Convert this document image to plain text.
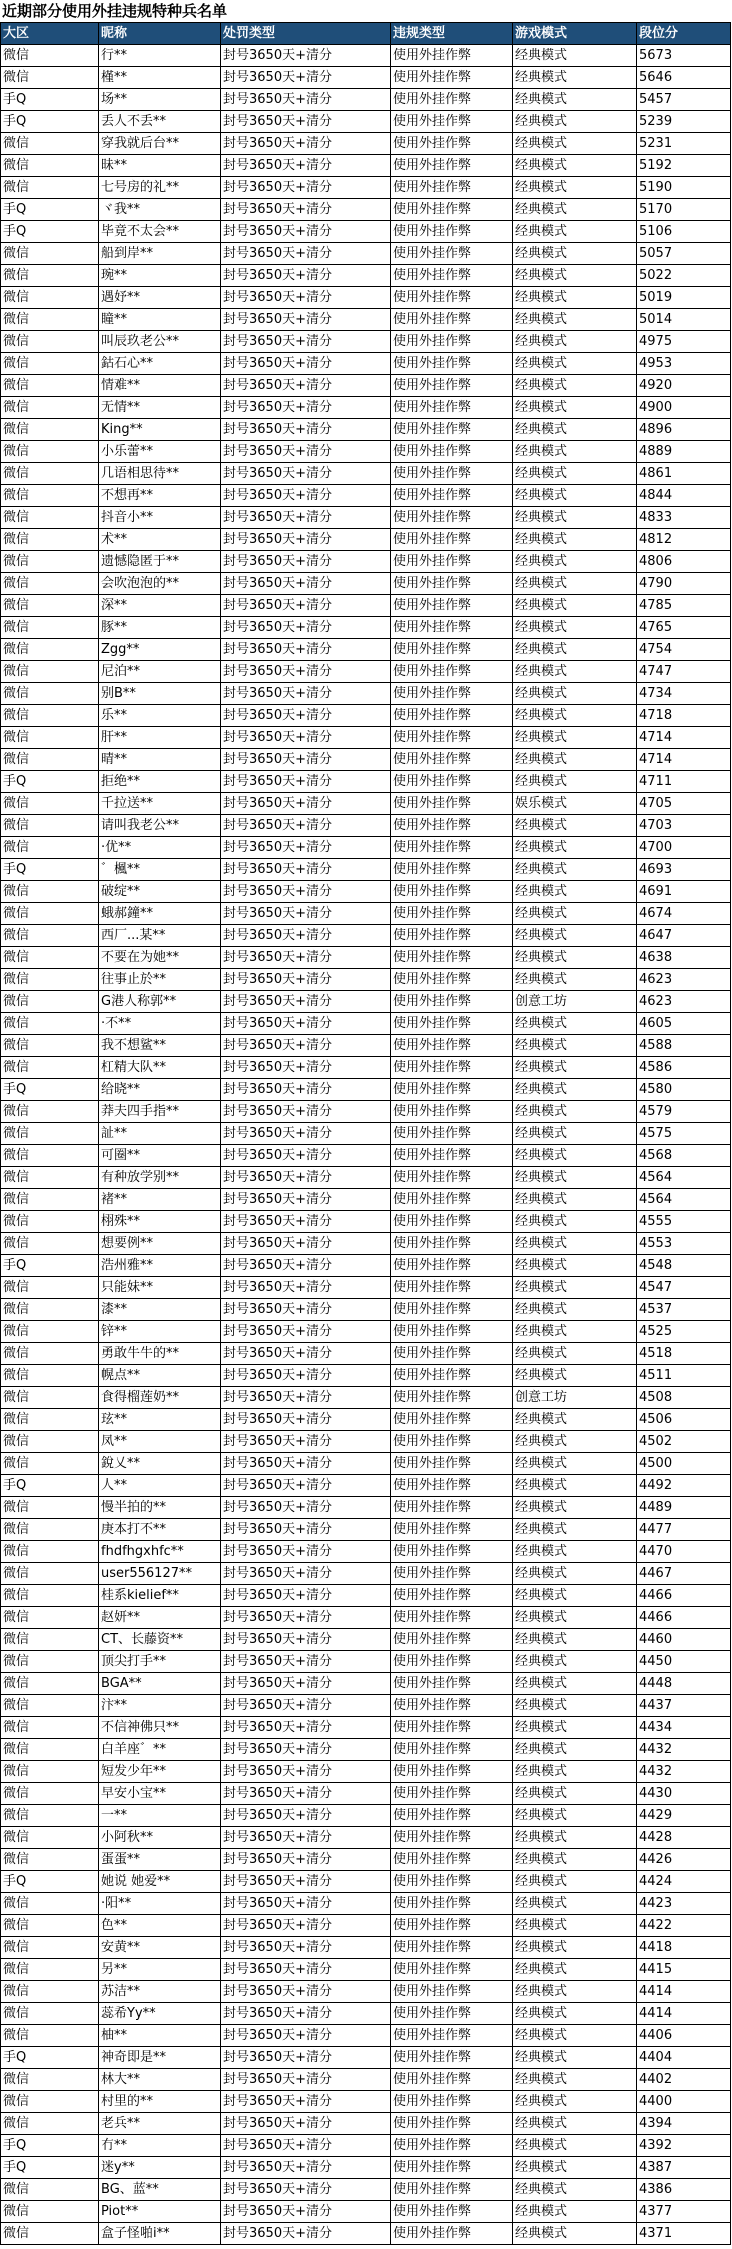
近期部分使用外挂违规特种兵名单
大区	昵称	处罚类型	违规类型	游戏模式	段位分
微信	行**	封号3650天+清分	使用外挂作弊	经典模式	5673
微信	槿**	封号3650天+清分	使用外挂作弊	经典模式	5646
手Q	场**	封号3650天+清分	使用外挂作弊	经典模式	5457
手Q	丢人不丢**	封号3650天+清分	使用外挂作弊	经典模式	5239
微信	穿我就后台**	封号3650天+清分	使用外挂作弊	经典模式	5231
微信	昧**	封号3650天+清分	使用外挂作弊	经典模式	5192
微信	七号房的礼**	封号3650天+清分	使用外挂作弊	经典模式	5190
手Q	ヾ我**	封号3650天+清分	使用外挂作弊	经典模式	5170
手Q	毕竟不太会**	封号3650天+清分	使用外挂作弊	经典模式	5106
微信	船到岸**	封号3650天+清分	使用外挂作弊	经典模式	5057
微信	琬**	封号3650天+清分	使用外挂作弊	经典模式	5022
微信	遇妤**	封号3650天+清分	使用外挂作弊	经典模式	5019
微信	瞳**	封号3650天+清分	使用外挂作弊	经典模式	5014
微信	叫辰玖老公**	封号3650天+清分	使用外挂作弊	经典模式	4975
微信	鈷石心**	封号3650天+清分	使用外挂作弊	经典模式	4953
微信	情难**	封号3650天+清分	使用外挂作弊	经典模式	4920
微信	无情**	封号3650天+清分	使用外挂作弊	经典模式	4900
微信	King**	封号3650天+清分	使用外挂作弊	经典模式	4896
微信	小乐蕾**	封号3650天+清分	使用外挂作弊	经典模式	4889
微信	几语相思待**	封号3650天+清分	使用外挂作弊	经典模式	4861
微信	不想再**	封号3650天+清分	使用外挂作弊	经典模式	4844
微信	抖音小**	封号3650天+清分	使用外挂作弊	经典模式	4833
微信	术**	封号3650天+清分	使用外挂作弊	经典模式	4812
微信	遗憾隐匿于**	封号3650天+清分	使用外挂作弊	经典模式	4806
微信	会吹泡泡的**	封号3650天+清分	使用外挂作弊	经典模式	4790
微信	深**	封号3650天+清分	使用外挂作弊	经典模式	4785
微信	豚**	封号3650天+清分	使用外挂作弊	经典模式	4765
微信	Zgg**	封号3650天+清分	使用外挂作弊	经典模式	4754
微信	尼泊**	封号3650天+清分	使用外挂作弊	经典模式	4747
微信	别B**	封号3650天+清分	使用外挂作弊	经典模式	4734
微信	乐**	封号3650天+清分	使用外挂作弊	经典模式	4718
微信	肝**	封号3650天+清分	使用外挂作弊	经典模式	4714
微信	晴**	封号3650天+清分	使用外挂作弊	经典模式	4714
手Q	拒绝**	封号3650天+清分	使用外挂作弊	经典模式	4711
微信	千拉送**	封号3650天+清分	使用外挂作弊	娱乐模式	4705
微信	请叫我老公**	封号3650天+清分	使用外挂作弊	经典模式	4703
微信	·优**	封号3650天+清分	使用外挂作弊	经典模式	4700
手Q	゛楓**	封号3650天+清分	使用外挂作弊	经典模式	4693
微信	破绽**	封号3650天+清分	使用外挂作弊	经典模式	4691
微信	蛾郝鐘**	封号3650天+清分	使用外挂作弊	经典模式	4674
微信	西厂...某**	封号3650天+清分	使用外挂作弊	经典模式	4647
微信	不要在为她**	封号3650天+清分	使用外挂作弊	经典模式	4638
微信	往事止於**	封号3650天+清分	使用外挂作弊	经典模式	4623
微信	G港人称郭**	封号3650天+清分	使用外挂作弊	创意工坊	4623
微信	·不**	封号3650天+清分	使用外挂作弊	经典模式	4605
微信	我不想鲨**	封号3650天+清分	使用外挂作弊	经典模式	4588
微信	杠精大队**	封号3650天+清分	使用外挂作弊	经典模式	4586
手Q	给晓**	封号3650天+清分	使用外挂作弊	经典模式	4580
微信	莽夫四手指**	封号3650天+清分	使用外挂作弊	经典模式	4579
微信	訨**	封号3650天+清分	使用外挂作弊	经典模式	4575
微信	可圈**	封号3650天+清分	使用外挂作弊	经典模式	4568
微信	有种放学别**	封号3650天+清分	使用外挂作弊	经典模式	4564
微信	褚**	封号3650天+清分	使用外挂作弊	经典模式	4564
微信	栩殊**	封号3650天+清分	使用外挂作弊	经典模式	4555
微信	想要例**	封号3650天+清分	使用外挂作弊	经典模式	4553
手Q	浩州雅**	封号3650天+清分	使用外挂作弊	经典模式	4548
微信	只能妹**	封号3650天+清分	使用外挂作弊	经典模式	4547
微信	漆**	封号3650天+清分	使用外挂作弊	经典模式	4537
微信	锌**	封号3650天+清分	使用外挂作弊	经典模式	4525
微信	勇敢牛牛的**	封号3650天+清分	使用外挂作弊	经典模式	4518
微信	幌点**	封号3650天+清分	使用外挂作弊	经典模式	4511
微信	食得榴莲奶**	封号3650天+清分	使用外挂作弊	创意工坊	4508
微信	玹**	封号3650天+清分	使用外挂作弊	经典模式	4506
微信	凤**	封号3650天+清分	使用外挂作弊	经典模式	4502
微信	銳乂**	封号3650天+清分	使用外挂作弊	经典模式	4500
手Q	人**	封号3650天+清分	使用外挂作弊	经典模式	4492
微信	慢半拍的**	封号3650天+清分	使用外挂作弊	经典模式	4489
微信	庚本打不**	封号3650天+清分	使用外挂作弊	经典模式	4477
微信	fhdfhgxhfc**	封号3650天+清分	使用外挂作弊	经典模式	4470
微信	user556127**	封号3650天+清分	使用外挂作弊	经典模式	4467
微信	桂系kielief**	封号3650天+清分	使用外挂作弊	经典模式	4466
微信	赵妍**	封号3650天+清分	使用外挂作弊	经典模式	4466
微信	CT、长藤资**	封号3650天+清分	使用外挂作弊	经典模式	4460
微信	顶尖打手**	封号3650天+清分	使用外挂作弊	经典模式	4450
微信	BGA**	封号3650天+清分	使用外挂作弊	经典模式	4448
微信	汴**	封号3650天+清分	使用外挂作弊	经典模式	4437
微信	不信神佛只**	封号3650天+清分	使用外挂作弊	经典模式	4434
微信	白羊座゛**	封号3650天+清分	使用外挂作弊	经典模式	4432
微信	短发少年**	封号3650天+清分	使用外挂作弊	经典模式	4432
微信	早安小宝**	封号3650天+清分	使用外挂作弊	经典模式	4430
微信	一**	封号3650天+清分	使用外挂作弊	经典模式	4429
微信	小阿秋**	封号3650天+清分	使用外挂作弊	经典模式	4428
微信	蛋蛋**	封号3650天+清分	使用外挂作弊	经典模式	4426
手Q	她说 她爱**	封号3650天+清分	使用外挂作弊	经典模式	4424
微信	·阳**	封号3650天+清分	使用外挂作弊	经典模式	4423
微信	色**	封号3650天+清分	使用外挂作弊	经典模式	4422
微信	安黄**	封号3650天+清分	使用外挂作弊	经典模式	4418
微信	另**	封号3650天+清分	使用外挂作弊	经典模式	4415
微信	苏洁**	封号3650天+清分	使用外挂作弊	经典模式	4414
微信	蕊希Yy**	封号3650天+清分	使用外挂作弊	经典模式	4414
微信	柚**	封号3650天+清分	使用外挂作弊	经典模式	4406
手Q	神奇即是**	封号3650天+清分	使用外挂作弊	经典模式	4404
微信	林大**	封号3650天+清分	使用外挂作弊	经典模式	4402
微信	村里的**	封号3650天+清分	使用外挂作弊	经典模式	4400
微信	老兵**	封号3650天+清分	使用外挂作弊	经典模式	4394
手Q	冇**	封号3650天+清分	使用外挂作弊	经典模式	4392
手Q	迷y**	封号3650天+清分	使用外挂作弊	经典模式	4387
微信	BG、蓝**	封号3650天+清分	使用外挂作弊	经典模式	4386
微信	Piot**	封号3650天+清分	使用外挂作弊	经典模式	4377
微信	盒子怪啪i**	封号3650天+清分	使用外挂作弊	经典模式	4371
